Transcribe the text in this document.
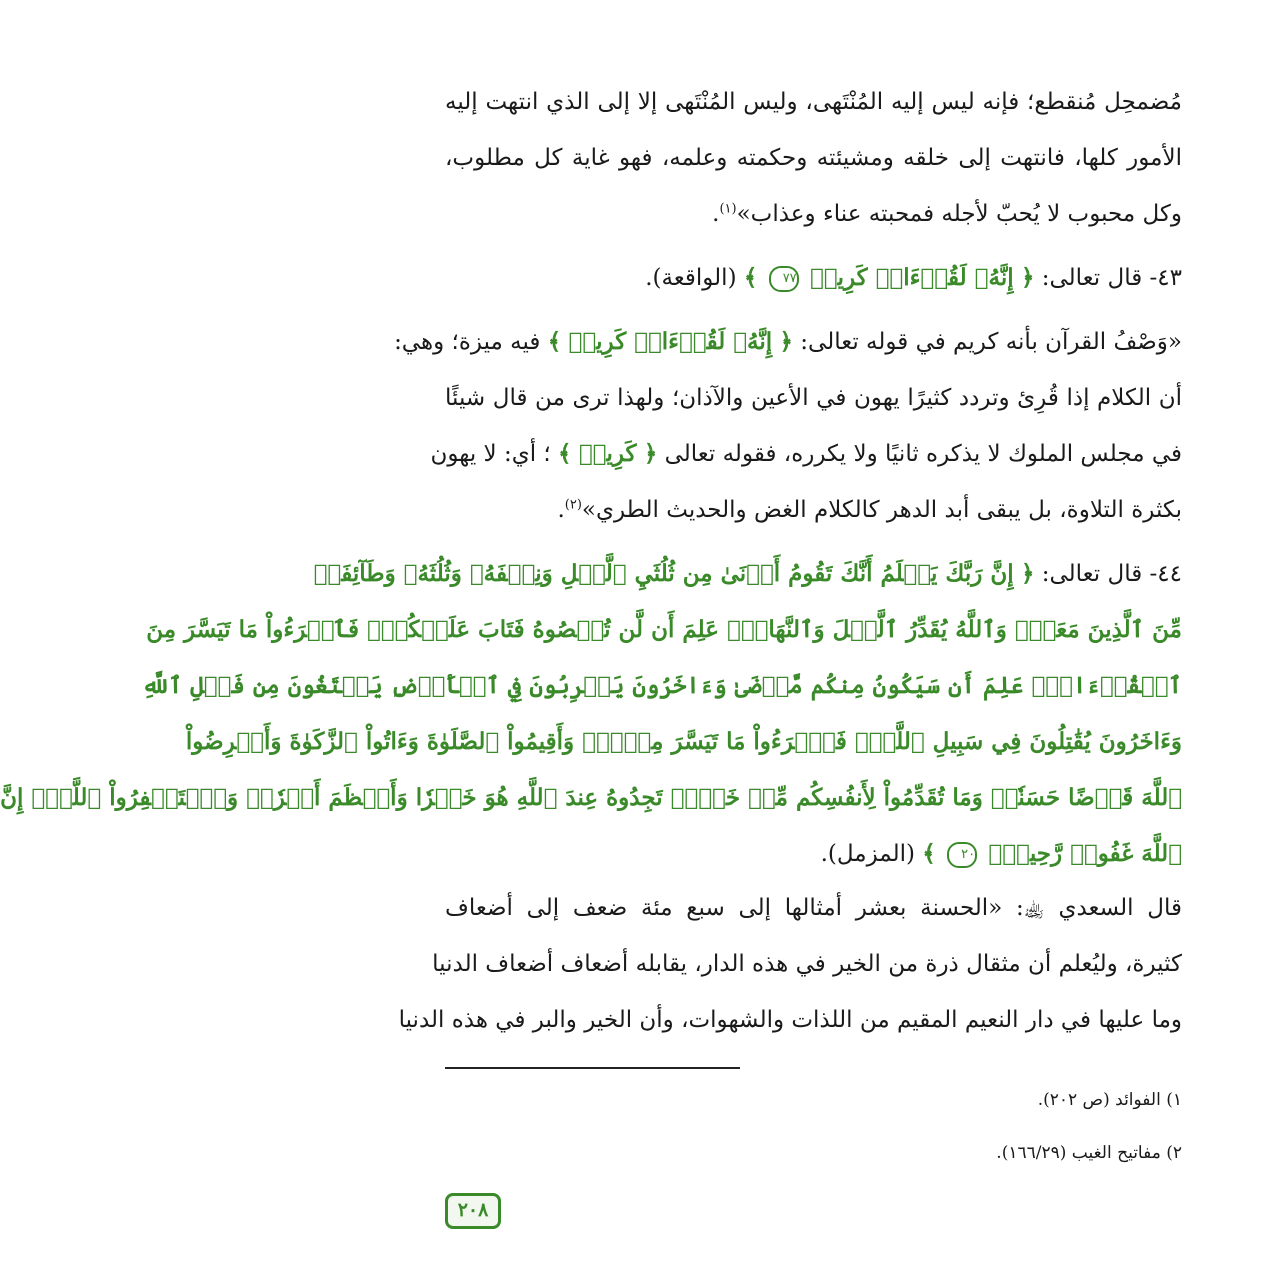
مُضمحِل مُنقطع؛ فإنه ليس إليه المُنْتَهى، وليس المُنْتَهى إلا إلى الذي انتهت إليه
الأمور كلها، فانتهت إلى خلقه ومشيئته وحكمته وعلمه، فهو غاية كل مطلوب،
وكل محبوب لا يُحبّ لأجله فمحبته عناء وعذاب»$^{(١)}$.

٤٣- قال تعالى: ﴿ إِنَّهُۥ لَقُرۡءَانٞ كَرِيمٞ ٧٧ ﴾ (الواقعة).

«وَصْفُ القرآن بأنه كريم في قوله تعالى: ﴿ إِنَّهُۥ لَقُرۡءَانٞ كَرِيمٞ ﴾ فيه ميزة؛ وهي:
أن الكلام إذا قُرِئ وتردد كثيرًا يهون في الأعين والآذان؛ ولهذا ترى من قال شيئًا
في مجلس الملوك لا يذكره ثانيًا ولا يكرره، فقوله تعالى ﴿ كَرِيمٞ ﴾ ؛ أي: لا يهون
بكثرة التلاوة، بل يبقى أبد الدهر كالكلام الغض والحديث الطري»$^{(٢)}$.

٤٤- قال تعالى: ﴿ إِنَّ رَبَّكَ يَعۡلَمُ أَنَّكَ تَقُومُ أَدۡنَىٰ مِن ثُلُثَيِ ٱلَّيۡلِ وَنِصۡفَهُۥ وَثُلُثَهُۥ وَطَآئِفَةٞ
مِّنَ ٱلَّذِينَ مَعَكَۚ وَٱللَّهُ يُقَدِّرُ ٱلَّيۡلَ وَٱلنَّهَارَۚ عَلِمَ أَن لَّن تُحۡصُوهُ فَتَابَ عَلَيۡكُمۡۖ فَٱقۡرَءُواْ مَا تَيَسَّرَ مِنَ
ٱلۡقُرۡءَانِۚ عَلِمَ أَن سَيَكُونُ مِنكُم مَّرۡضَىٰ وَءَاخَرُونَ يَضۡرِبُونَ فِي ٱلۡأَرۡضِ يَبۡتَغُونَ مِن فَضۡلِ ٱللَّهِ
وَءَاخَرُونَ يُقَٰتِلُونَ فِي سَبِيلِ ٱللَّهِۖ فَٱقۡرَءُواْ مَا تَيَسَّرَ مِنۡهُۚ وَأَقِيمُواْ ٱلصَّلَوٰةَ وَءَاتُواْ ٱلزَّكَوٰةَ وَأَقۡرِضُواْ
ٱللَّهَ قَرۡضًا حَسَنٗاۚ وَمَا تُقَدِّمُواْ لِأَنفُسِكُم مِّنۡ خَيۡرٖ تَجِدُوهُ عِندَ ٱللَّهِ هُوَ خَيۡرٗا وَأَعۡظَمَ أَجۡرٗاۚ وَٱسۡتَغۡفِرُواْ ٱللَّهَۖ إِنَّ
ٱللَّهَ غَفُورٞ رَّحِيمُۢ ٢٠ ﴾ (المزمل).

قال السعدي ﵀: «الحسنة بعشر أمثالها إلى سبع مئة ضعف إلى أضعاف
كثيرة، وليُعلم أن مثقال ذرة من الخير في هذه الدار، يقابله أضعاف أضعاف الدنيا
وما عليها في دار النعيم المقيم من اللذات والشهوات، وأن الخير والبر في هذه الدنيا

١) الفوائد (ص ٢٠٢).

٢) مفاتيح الغيب (١٦٦/٢٩).

٢٠٨
